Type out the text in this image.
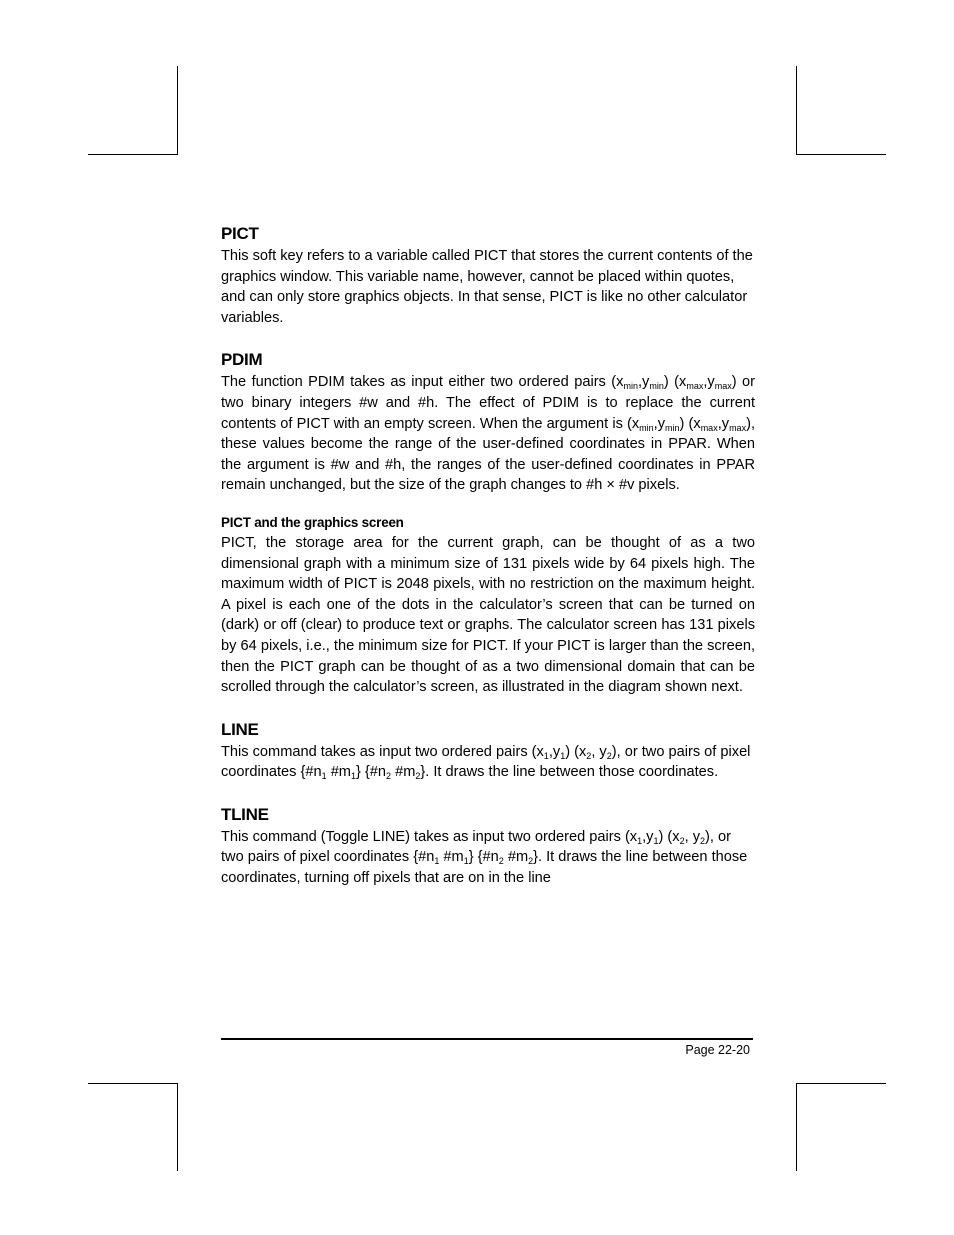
PICT

This soft key refers to a variable called PICT that stores the current contents of the graphics window. This variable name, however, cannot be placed within quotes, and can only store graphics objects. In that sense, PICT is like no other calculator variables.

PDIM

The function PDIM takes as input either two ordered pairs $(x_{min},y_{min})$ $(x_{max},y_{max})$ or two binary integers #w and #h. The effect of PDIM is to replace the current contents of PICT with an empty screen. When the argument is $(x_{min},y_{min})$ $(x_{max},y_{max})$, these values become the range of the user-defined coordinates in PPAR. When the argument is #w and #h, the ranges of the user-defined coordinates in PPAR remain unchanged, but the size of the graph changes to #h × #v pixels.

PICT and the graphics screen

PICT, the storage area for the current graph, can be thought of as a two dimensional graph with a minimum size of 131 pixels wide by 64 pixels high. The maximum width of PICT is 2048 pixels, with no restriction on the maximum height. A pixel is each one of the dots in the calculator’s screen that can be turned on (dark) or off (clear) to produce text or graphs. The calculator screen has 131 pixels by 64 pixels, i.e., the minimum size for PICT. If your PICT is larger than the screen, then the PICT graph can be thought of as a two dimensional domain that can be scrolled through the calculator’s screen, as illustrated in the diagram shown next.

LINE

This command takes as input two ordered pairs $(x_1,y_1)$ ($x_2$, $y_2$), or two pairs of pixel coordinates {$\#n_1$ $\#m_1$} {$\#n_2$ $\#m_2$}. It draws the line between those coordinates.

TLINE

This command (Toggle LINE) takes as input two ordered pairs $(x_1,y_1)$ ($x_2$, $y_2$), or two pairs of pixel coordinates {$\#n_1$ $\#m_1$} {$\#n_2$ $\#m_2$}. It draws the line between those coordinates, turning off pixels that are on in the line

Page 22-20
